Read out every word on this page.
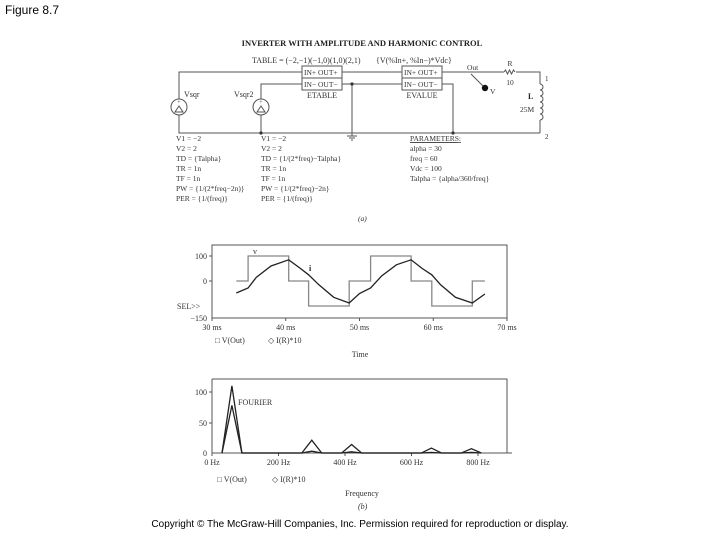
Figure 8.7
INVERTER WITH AMPLITUDE AND HARMONIC CONTROL
TABLE = (−2,−1)(−1,0)(1,0)(2,1) {V(%In+, %In−)*Vdc}
IN+ OUT+
IN− OUT−
ETABLE
IN+ OUT+
IN− OUT−
EVALUE
+
Vsqr
+
Vsqr2
Out
V
R
10	1
2
L
25M
V1 = −2
V2 = 2
TD = {Talpha}
TR = 1n
TF = 1n
PW = {1/(2*freq−2n)}
PER = {1/(freq)}
V1 = −2
V2 = 2
TD = {1/(2*freq)−Talpha}
TR = 1n
TF = 1n
PW = {1/(2*freq)−2n}
PER = {1/(freq)}
PARAMETERS:
alpha = 30
freq = 60
Vdc = 100
Talpha = {alpha/360/freq}
(a)
30 ms	40 ms	50 ms	60 ms	70 ms
100
0
−150
SEL>>
v
i
□ V(Out)	◇ I(R)*10
Time
0 Hz	200 Hz	400 Hz	600 Hz	800 Hz
100
50
0
FOURIER
□ V(Out)	◇ I(R)*10
Frequency
(b)
Copyright © The McGraw-Hill Companies, Inc. Permission required for reproduction or display.
